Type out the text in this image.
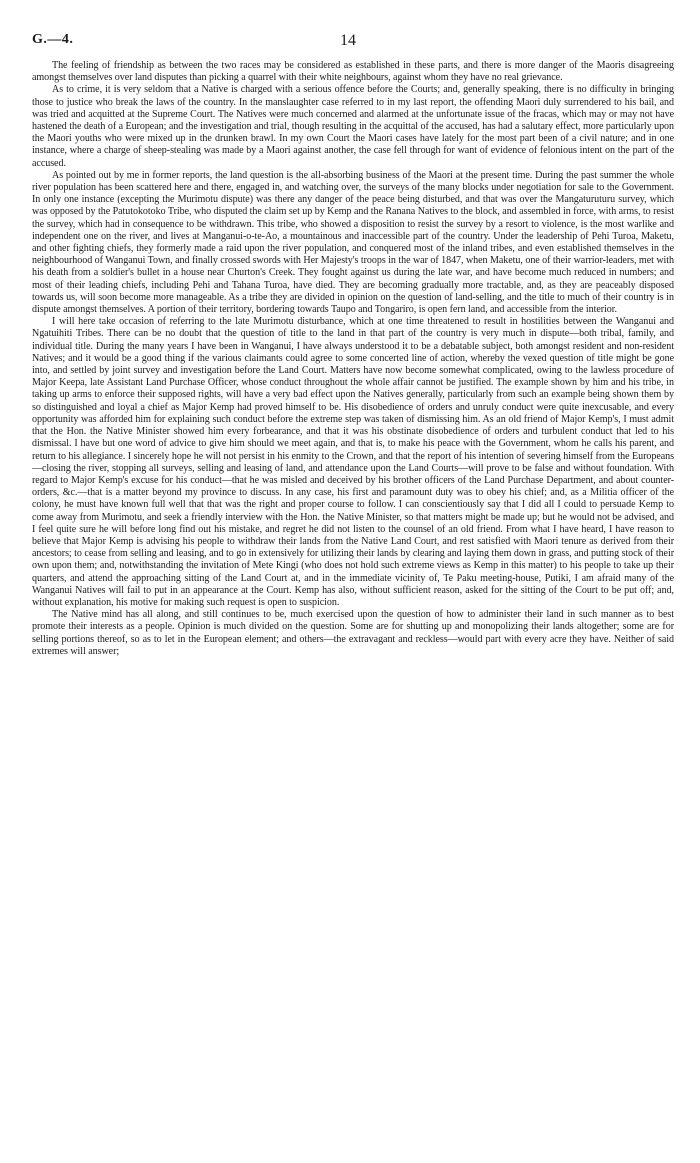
G.—4.	14

The feeling of friendship as between the two races may be considered as established in these parts, and there is more danger of the Maoris disagreeing amongst themselves over land disputes than picking a quarrel with their white neighbours, against whom they have no real grievance.

As to crime, it is very seldom that a Native is charged with a serious offence before the Courts; and, generally speaking, there is no difficulty in bringing those to justice who break the laws of the country. In the manslaughter case referred to in my last report, the offending Maori duly surrendered to his bail, and was tried and acquitted at the Supreme Court. The Natives were much concerned and alarmed at the unfortunate issue of the fracas, which may or may not have hastened the death of a European; and the investigation and trial, though resulting in the acquittal of the accused, has had a salutary effect, more particularly upon the Maori youths who were mixed up in the drunken brawl. In my own Court the Maori cases have lately for the most part been of a civil nature; and in one instance, where a charge of sheep-stealing was made by a Maori against another, the case fell through for want of evidence of felonious intent on the part of the accused.

As pointed out by me in former reports, the land question is the all-absorbing business of the Maori at the present time. During the past summer the whole river population has been scattered here and there, engaged in, and watching over, the surveys of the many blocks under negotiation for sale to the Government. In only one instance (excepting the Murimotu dispute) was there any danger of the peace being disturbed, and that was over the Mangaturuturu survey, which was opposed by the Patutokotoko Tribe, who disputed the claim set up by Kemp and the Ranana Natives to the block, and assembled in force, with arms, to resist the survey, which had in consequence to be withdrawn. This tribe, who showed a disposition to resist the survey by a resort to violence, is the most warlike and independent one on the river, and lives at Manganui-o-te-Ao, a mountainous and inaccessible part of the country. Under the leadership of Pehi Turoa, Maketu, and other fighting chiefs, they formerly made a raid upon the river population, and conquered most of the inland tribes, and even established themselves in the neighbourhood of Wanganui Town, and finally crossed swords with Her Majesty's troops in the war of 1847, when Maketu, one of their warrior-leaders, met with his death from a soldier's bullet in a house near Churton's Creek. They fought against us during the late war, and have become much reduced in numbers; and most of their leading chiefs, including Pehi and Tahana Turoa, have died. They are becoming gradually more tractable, and, as they are peaceably disposed towards us, will soon become more manageable. As a tribe they are divided in opinion on the question of land-selling, and the title to much of their country is in dispute amongst themselves. A portion of their territory, bordering towards Taupo and Tongariro, is open fern land, and accessible from the interior.

I will here take occasion of referring to the late Murimotu disturbance, which at one time threatened to result in hostilities between the Wanganui and Ngatuihiti Tribes. There can be no doubt that the question of title to the land in that part of the country is very much in dispute—both tribal, family, and individual title. During the many years I have been in Wanganui, I have always understood it to be a debatable subject, both amongst resident and non-resident Natives; and it would be a good thing if the various claimants could agree to some concerted line of action, whereby the vexed question of title might be gone into, and settled by joint survey and investigation before the Land Court. Matters have now become somewhat complicated, owing to the lawless procedure of Major Keepa, late Assistant Land Purchase Officer, whose conduct throughout the whole affair cannot be justified. The example shown by him and his tribe, in taking up arms to enforce their supposed rights, will have a very bad effect upon the Natives generally, particularly from such an example being shown them by so distinguished and loyal a chief as Major Kemp had proved himself to be. His disobedience of orders and unruly conduct were quite inexcusable, and every opportunity was afforded him for explaining such conduct before the extreme step was taken of dismissing him. As an old friend of Major Kemp's, I must admit that the Hon. the Native Minister showed him every forbearance, and that it was his obstinate disobedience of orders and turbulent conduct that led to his dismissal. I have but one word of advice to give him should we meet again, and that is, to make his peace with the Government, whom he calls his parent, and return to his allegiance. I sincerely hope he will not persist in his enmity to the Crown, and that the report of his intention of severing himself from the Europeans—closing the river, stopping all surveys, selling and leasing of land, and attendance upon the Land Courts—will prove to be false and without foundation. With regard to Major Kemp's excuse for his conduct—that he was misled and deceived by his brother officers of the Land Purchase Department, and about counter-orders, &c.—that is a matter beyond my province to discuss. In any case, his first and paramount duty was to obey his chief; and, as a Militia officer of the colony, he must have known full well that that was the right and proper course to follow. I can conscientiously say that I did all I could to persuade Kemp to come away from Murimotu, and seek a friendly interview with the Hon. the Native Minister, so that matters might be made up; but he would not be advised, and I feel quite sure he will before long find out his mistake, and regret he did not listen to the counsel of an old friend. From what I have heard, I have reason to believe that Major Kemp is advising his people to withdraw their lands from the Native Land Court, and rest satisfied with Maori tenure as derived from their ancestors; to cease from selling and leasing, and to go in extensively for utilizing their lands by clearing and laying them down in grass, and putting stock of their own upon them; and, notwithstanding the invitation of Mete Kingi (who does not hold such extreme views as Kemp in this matter) to his people to take up their quarters, and attend the approaching sitting of the Land Court at, and in the immediate vicinity of, Te Paku meeting-house, Putiki, I am afraid many of the Wanganui Natives will fail to put in an appearance at the Court. Kemp has also, without sufficient reason, asked for the sitting of the Court to be put off; and, without explanation, his motive for making such request is open to suspicion.

The Native mind has all along, and still continues to be, much exercised upon the question of how to administer their land in such manner as to best promote their interests as a people. Opinion is much divided on the question. Some are for shutting up and monopolizing their lands altogether; some are for selling portions thereof, so as to let in the European element; and others—the extravagant and reckless—would part with every acre they have. Neither of said extremes will answer;
